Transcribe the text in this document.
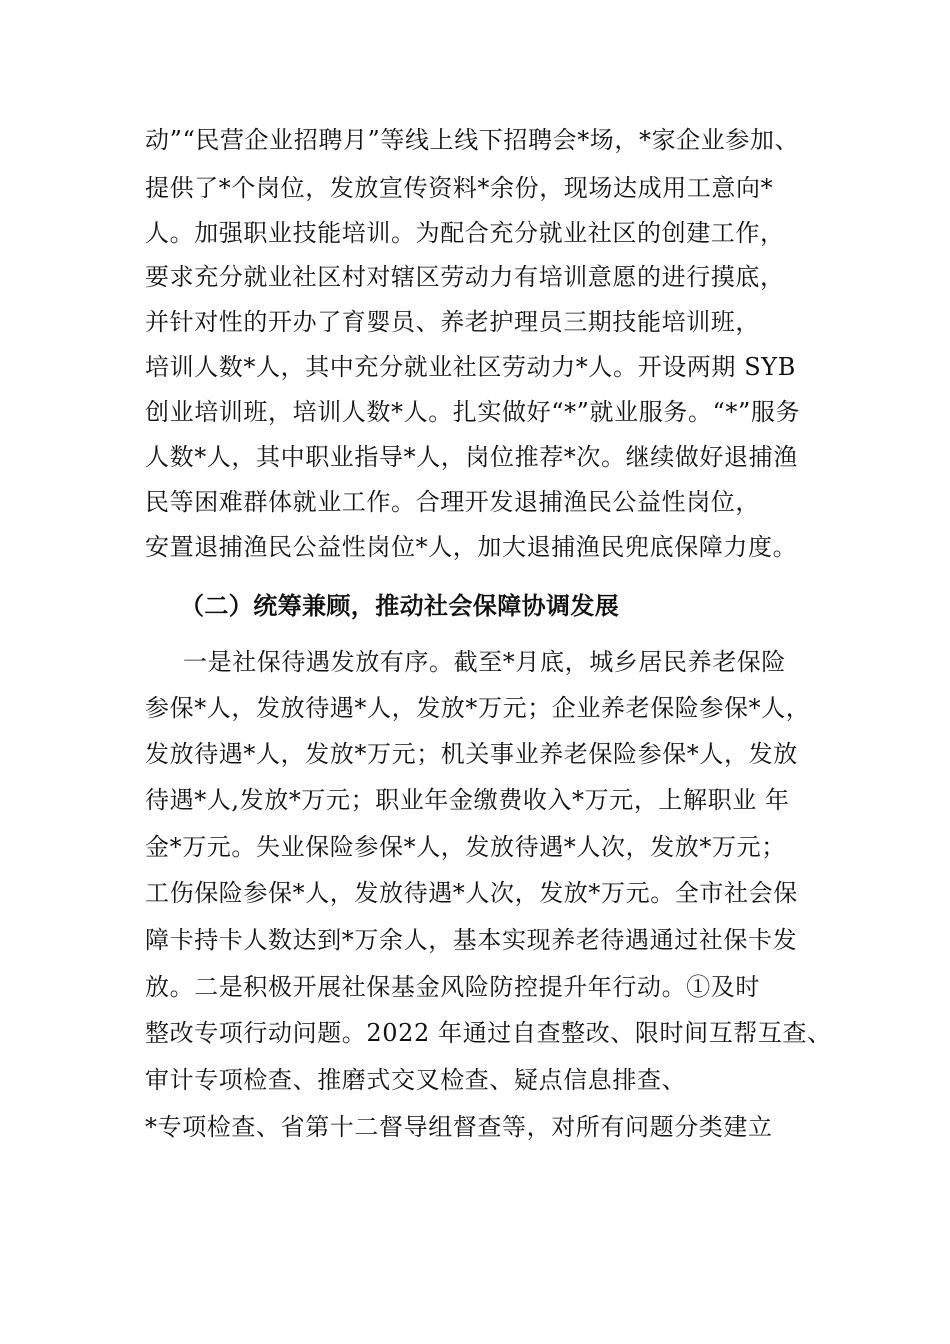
动”“民营企业招聘月”等线上线下招聘会*场，*家企业参加、
提供了*个岗位，发放宣传资料*余份，现场达成用工意向*
人。加强职业技能培训。为配合充分就业社区的创建工作，
要求充分就业社区村对辖区劳动力有培训意愿的进行摸底，
并针对性的开办了育婴员、养老护理员三期技能培训班，
培训人数*人，其中充分就业社区劳动力*人。开设两期 SYB
创业培训班，培训人数*人。扎实做好“*”就业服务。“*”服务
人数*人，其中职业指导*人，岗位推荐*次。继续做好退捕渔
民等困难群体就业工作。合理开发退捕渔民公益性岗位，
安置退捕渔民公益性岗位*人，加大退捕渔民兜底保障力度。
（二）统筹兼顾，推动社会保障协调发展
一是社保待遇发放有序。截至*月底，城乡居民养老保险
参保*人，发放待遇*人，发放*万元；企业养老保险参保*人，
发放待遇*人，发放*万元；机关事业养老保险参保*人，发放
待遇*人,发放*万元；职业年金缴费收入*万元，上解职业 年
金*万元。失业保险参保*人，发放待遇*人次，发放*万元；
工伤保险参保*人，发放待遇*人次，发放*万元。全市社会保
障卡持卡人数达到*万余人，基本实现养老待遇通过社保卡发
放。二是积极开展社保基金风险防控提升年行动。①及时
整改专项行动问题。2022 年通过自查整改、限时间互帮互查、
审计专项检查、推磨式交叉检查、疑点信息排查、
*专项检查、省第十二督导组督查等，对所有问题分类建立
